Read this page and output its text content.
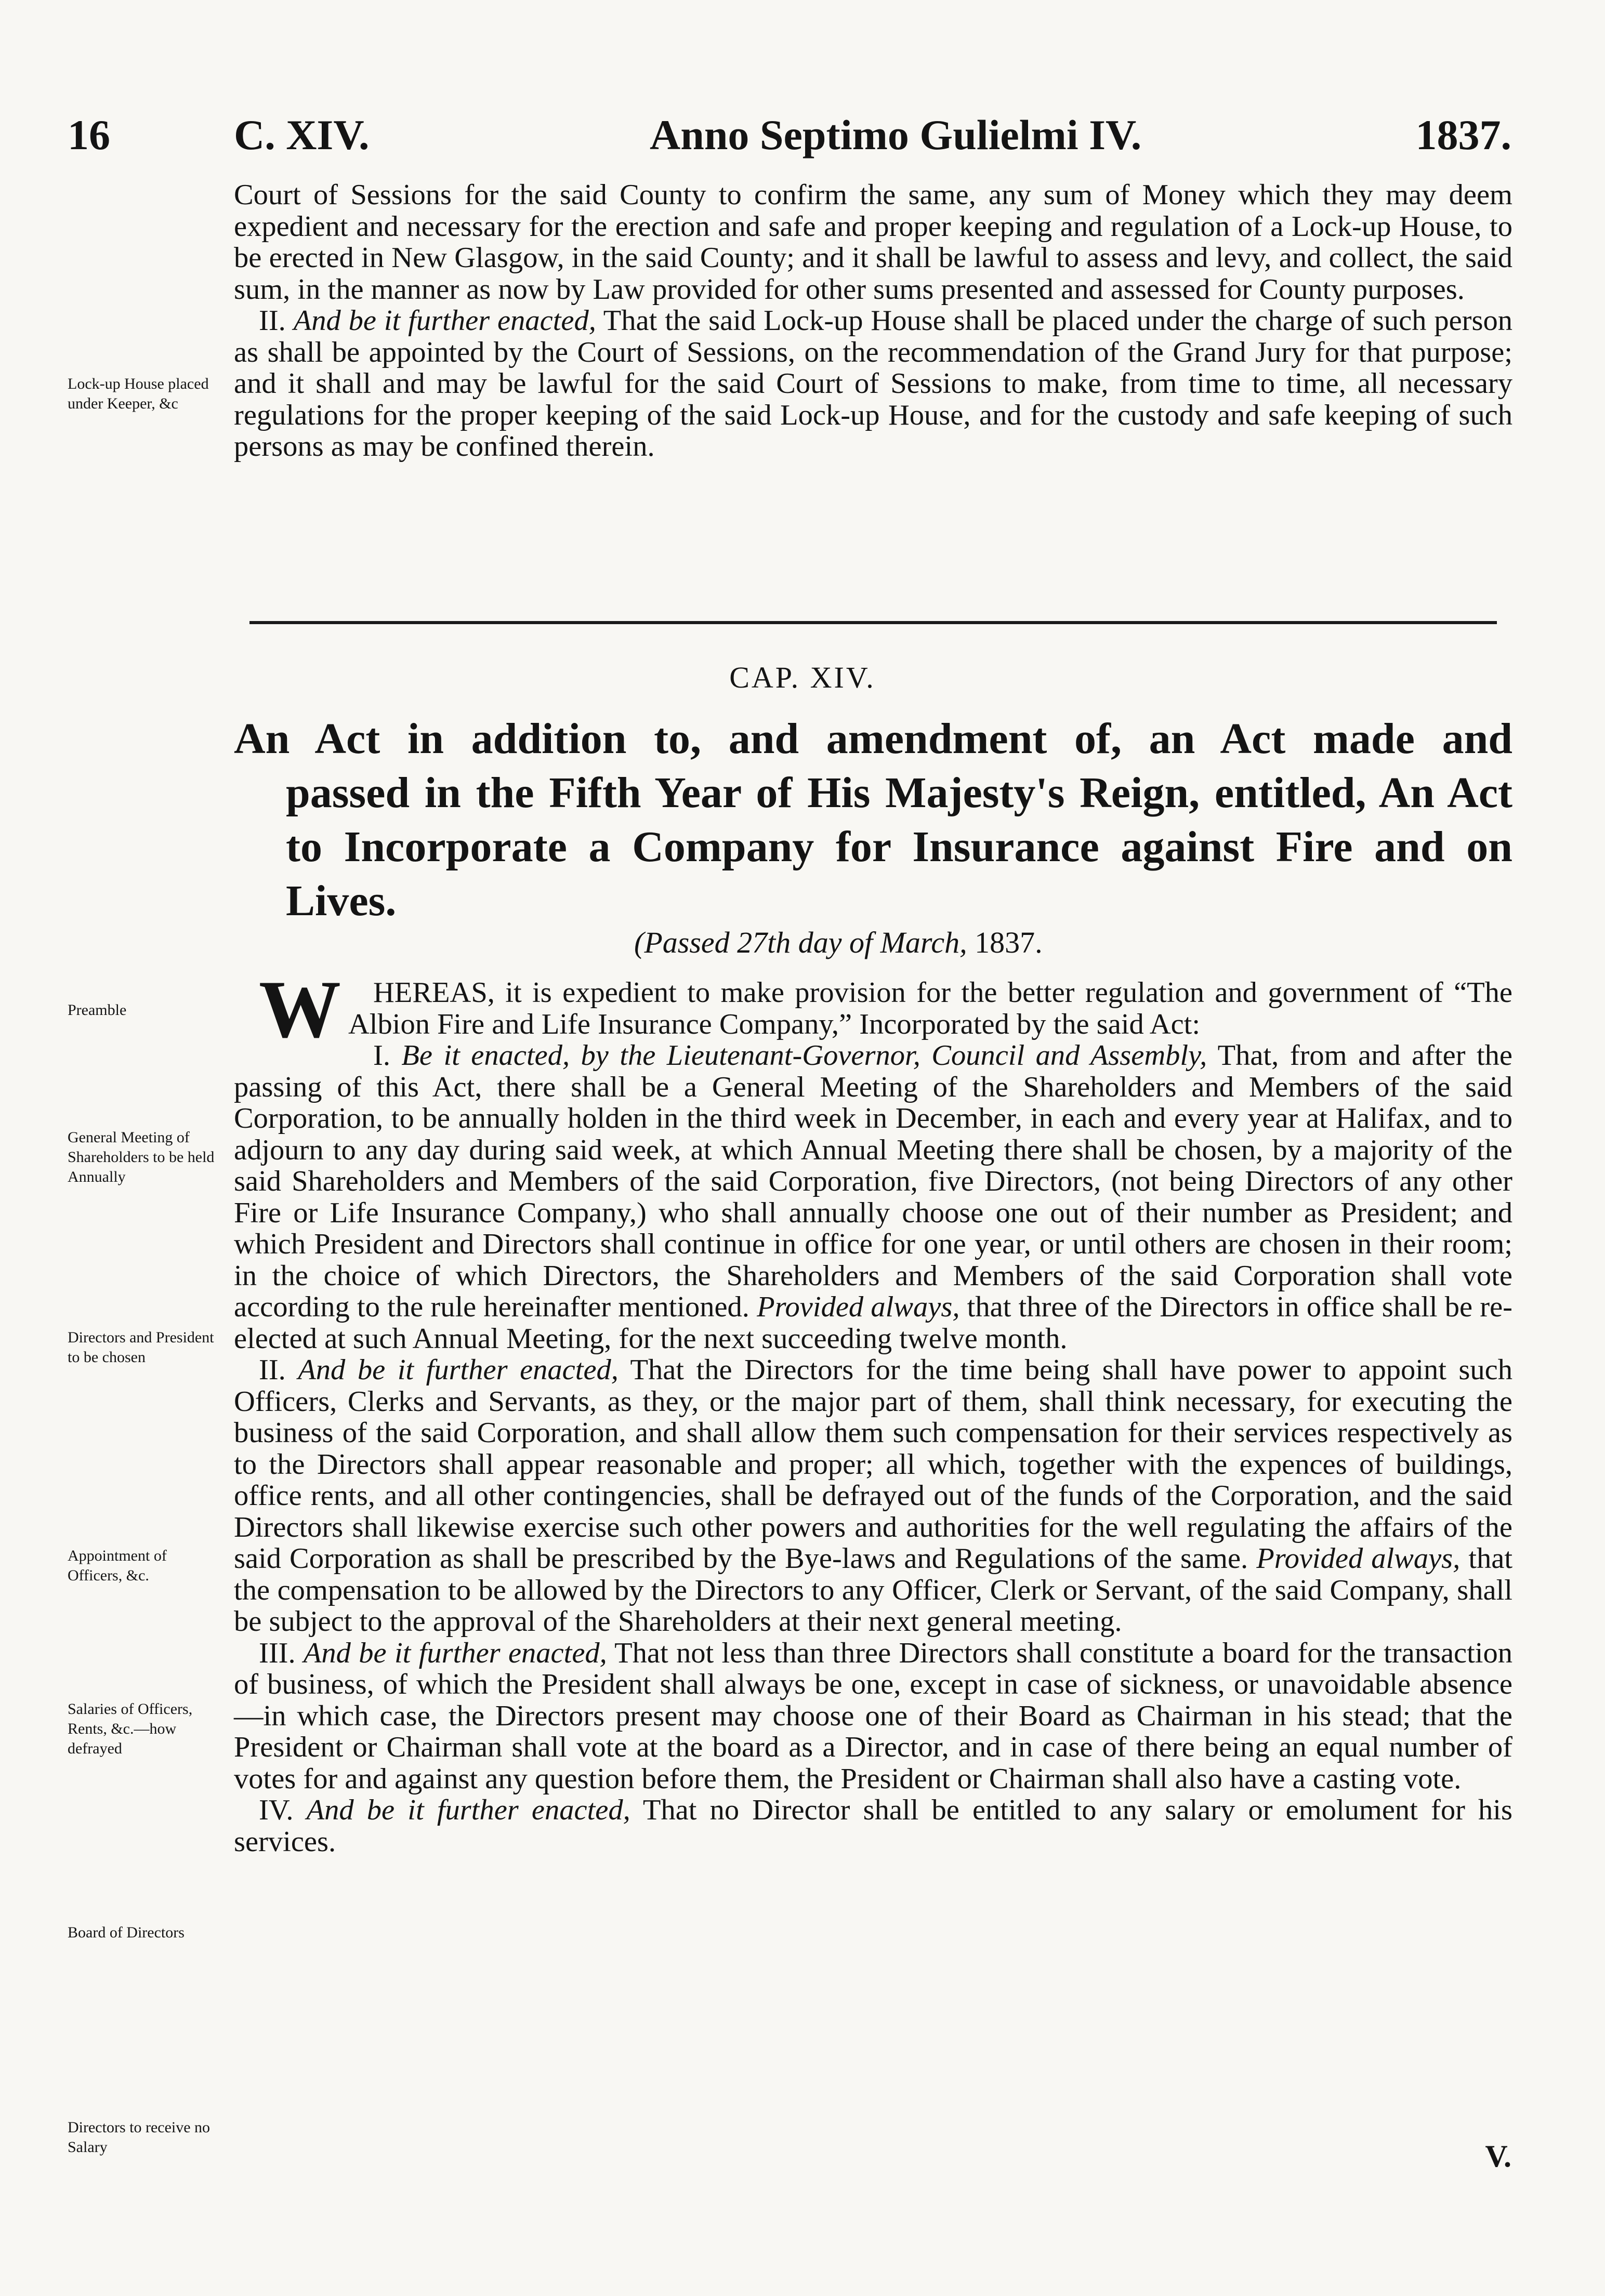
16	C. XIV.	Anno Septimo Gulielmi IV.	1837.

Court of Sessions for the said County to confirm the same, any sum of Money which they may deem expedient and necessary for the erection and safe and proper keeping and regulation of a Lock-up House, to be erected in New Glasgow, in the said County; and it shall be lawful to assess and levy, and collect, the said sum, in the manner as now by Law provided for other sums presented and assessed for County purposes.

II. And be it further enacted, That the said Lock-up House shall be placed under the charge of such person as shall be appointed by the Court of Sessions, on the recommendation of the Grand Jury for that purpose; and it shall and may be lawful for the said Court of Sessions to make, from time to time, all necessary regulations for the proper keeping of the said Lock-up House, and for the custody and safe keeping of such persons as may be confined therein.

Lock-up House placed under Keeper, &c
CAP. XIV.
An Act in addition to, and amendment of, an Act made and
passed in the Fifth Year of His Majesty's Reign, entitled, An Act to Incorporate a Company for Insurance against Fire and on Lives.
(Passed 27th day of March, 1837.
Preamble
General Meeting of Shareholders to be held Annually
Directors and President to be chosen
Appointment of Officers, &c.
Salaries of Officers, Rents, &c.—how defrayed
Board of Directors
Directors to receive no Salary

W HEREAS, it is expedient to make provision for the better regulation and government of “The Albion Fire and Life Insurance Company,” Incorporated by the said Act:

I. Be it enacted, by the Lieutenant-Governor, Council and Assembly, That, from and after the passing of this Act, there shall be a General Meeting of the Shareholders and Members of the said Corporation, to be annually holden in the third week in December, in each and every year at Halifax, and to adjourn to any day during said week, at which Annual Meeting there shall be chosen, by a majority of the said Shareholders and Members of the said Corporation, five Directors, (not being Directors of any other Fire or Life Insurance Company,) who shall annually choose one out of their number as President; and which President and Directors shall continue in office for one year, or until others are chosen in their room; in the choice of which Directors, the Shareholders and Members of the said Corporation shall vote according to the rule hereinafter mentioned. Provided always, that three of the Directors in office shall be re-elected at such Annual Meeting, for the next succeeding twelve month.

II. And be it further enacted, That the Directors for the time being shall have power to appoint such Officers, Clerks and Servants, as they, or the major part of them, shall think necessary, for executing the business of the said Corporation, and shall allow them such compensation for their services respectively as to the Directors shall appear reasonable and proper; all which, together with the expences of buildings, office rents, and all other contingencies, shall be defrayed out of the funds of the Corporation, and the said Directors shall likewise exercise such other powers and authorities for the well regulating the affairs of the said Corporation as shall be prescribed by the Bye-laws and Regulations of the same. Provided always, that the compensation to be allowed by the Directors to any Officer, Clerk or Servant, of the said Company, shall be subject to the approval of the Shareholders at their next general meeting.

III. And be it further enacted, That not less than three Directors shall constitute a board for the transaction of business, of which the President shall always be one, except in case of sickness, or unavoidable absence—in which case, the Directors present may choose one of their Board as Chairman in his stead; that the President or Chairman shall vote at the board as a Director, and in case of there being an equal number of votes for and against any question before them, the President or Chairman shall also have a casting vote.

IV. And be it further enacted, That no Director shall be entitled to any salary or emolument for his services.

V.
